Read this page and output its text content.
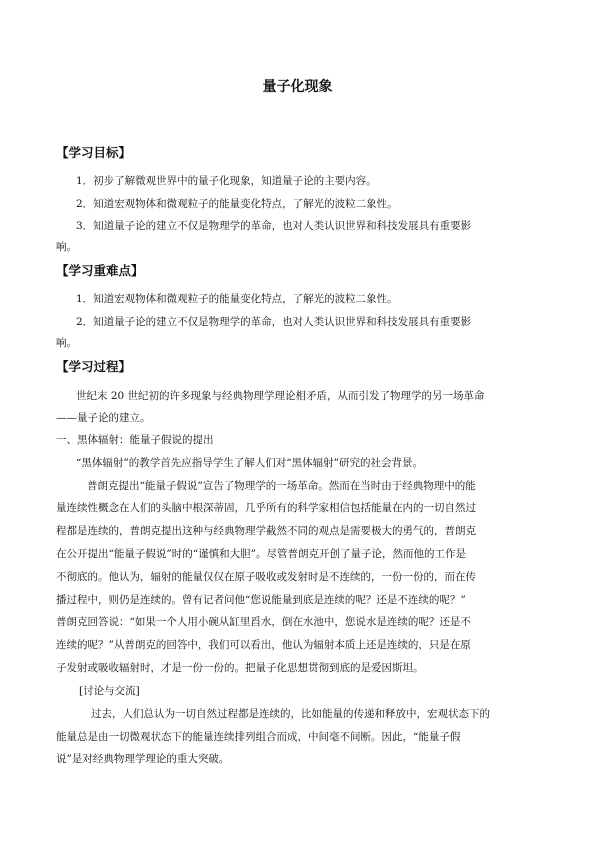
量子化现象
【学习目标】
1．初步了解微观世界中的量子化现象，知道量子论的主要内容。
2．知道宏观物体和微观粒子的能量变化特点，了解光的波粒二象性。
3．知道量子论的建立不仅是物理学的革命，也对人类认识世界和科技发展具有重要影
响。
【学习重难点】
1．知道宏观物体和微观粒子的能量变化特点，了解光的波粒二象性。
2．知道量子论的建立不仅是物理学的革命，也对人类认识世界和科技发展具有重要影
响。
【学习过程】
世纪末 20 世纪初的许多现象与经典物理学理论相矛盾，从而引发了物理学的另一场革命
——量子论的建立。
一、黑体辐射：能量子假说的提出
“黑体辐射”的教学首先应指导学生了解人们对“黑体辐射”研究的社会背景。
普朗克提出“能量子假说”宣告了物理学的一场革命。然而在当时由于经典物理中的能
量连续性概念在人们的头脑中根深蒂固，几乎所有的科学家相信包括能量在内的一切自然过
程都是连续的，普朗克提出这种与经典物理学截然不同的观点是需要极大的勇气的，普朗克
在公开提出“能量子假说”时的“谨慎和大胆”。尽管普朗克开创了量子论，然而他的工作是
不彻底的。他认为，辐射的能量仅仅在原子吸收或发射时是不连续的，一份一份的，而在传
播过程中，则仍是连续的。曾有记者问他“您说能量到底是连续的呢？还是不连续的呢？”
普朗克回答说：“如果一个人用小碗从缸里舀水，倒在水池中，您说水是连续的呢？还是不
连续的呢？”从普朗克的回答中，我们可以看出，他认为辐射本质上还是连续的，只是在原
子发射或吸收辐射时，才是一份一份的。把量子化思想贯彻到底的是爱因斯坦。
[讨论与交流]
过去，人们总认为一切自然过程都是连续的，比如能量的传递和释放中，宏观状态下的
能量总是由一切微观状态下的能量连续排列组合而成，中间毫不间断。因此，“能量子假
说”是对经典物理学理论的重大突破。
